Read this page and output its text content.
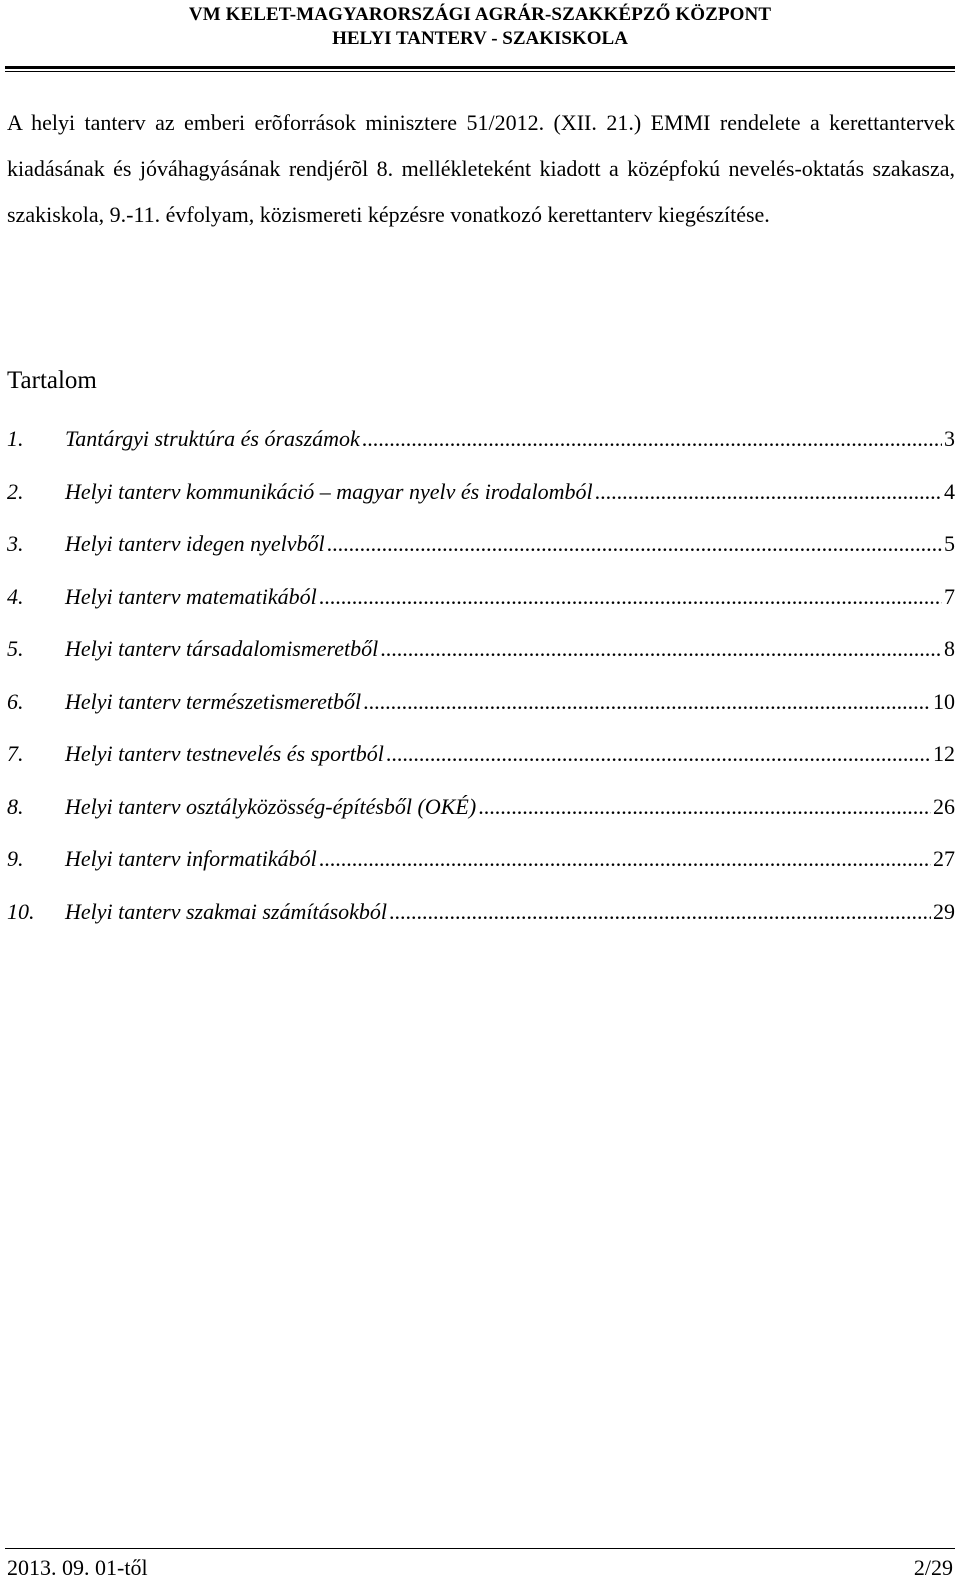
VM KELET-MAGYARORSZÁGI AGRÁR-SZAKKÉPZŐ KÖZPONT
HELYI TANTERV - SZAKISKOLA

A helyi tanterv az emberi erõforrások minisztere 51/2012. (XII. 21.) EMMI rendelete a kerettantervek kiadásának és jóváhagyásának rendjérõl 8. mellékleteként kiadott a középfokú nevelés-oktatás szakasza, szakiskola, 9.-11. évfolyam, közismereti képzésre vonatkozó kerettanterv kiegészítése.

Tartalom
1.	Tantárgyi struktúra és óraszámok .....	3
2.	Helyi tanterv kommunikáció – magyar nyelv és irodalomból .....	4
3.	Helyi tanterv idegen nyelvből .....	5
4.	Helyi tanterv matematikából .....	7
5.	Helyi tanterv társadalomismeretből .....	8
6.	Helyi tanterv természetismeretből .....	10
7.	Helyi tanterv testnevelés és sportból .....	12
8.	Helyi tanterv osztályközösség-építésből (OKÉ) .....	26
9.	Helyi tanterv informatikából .....	27
10.	Helyi tanterv szakmai számításokból .....	29
2013. 09. 01-től	2/29
